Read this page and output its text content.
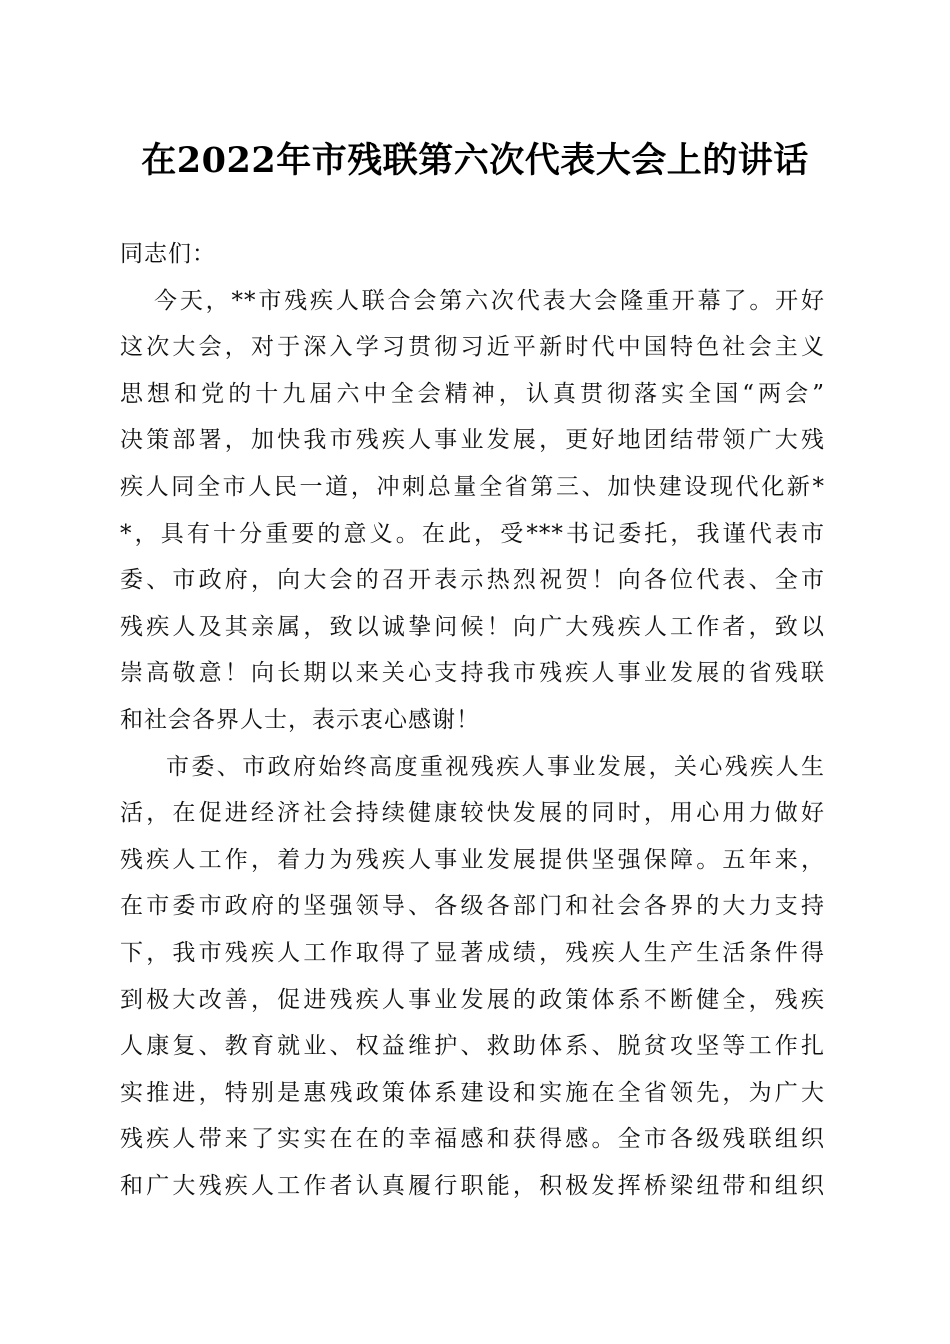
在2022年市残联第六次代表大会上的讲话
同志们：
今天，**市残疾人联合会第六次代表大会隆重开幕了。开好
这次大会，对于深入学习贯彻习近平新时代中国特色社会主义
思想和党的十九届六中全会精神，认真贯彻落实全国“两会”
决策部署，加快我市残疾人事业发展，更好地团结带领广大残
疾人同全市人民一道，冲刺总量全省第三、加快建设现代化新*
*，具有十分重要的意义。在此，受***书记委托，我谨代表市
委、市政府，向大会的召开表示热烈祝贺！向各位代表、全市
残疾人及其亲属，致以诚挚问候！向广大残疾人工作者，致以
崇高敬意！向长期以来关心支持我市残疾人事业发展的省残联
和社会各界人士，表示衷心感谢！
市委、市政府始终高度重视残疾人事业发展，关心残疾人生
活，在促进经济社会持续健康较快发展的同时，用心用力做好
残疾人工作，着力为残疾人事业发展提供坚强保障。五年来，
在市委市政府的坚强领导、各级各部门和社会各界的大力支持
下，我市残疾人工作取得了显著成绩，残疾人生产生活条件得
到极大改善，促进残疾人事业发展的政策体系不断健全，残疾
人康复、教育就业、权益维护、救助体系、脱贫攻坚等工作扎
实推进，特别是惠残政策体系建设和实施在全省领先，为广大
残疾人带来了实实在在的幸福感和获得感。全市各级残联组织
和广大残疾人工作者认真履行职能，积极发挥桥梁纽带和组织
